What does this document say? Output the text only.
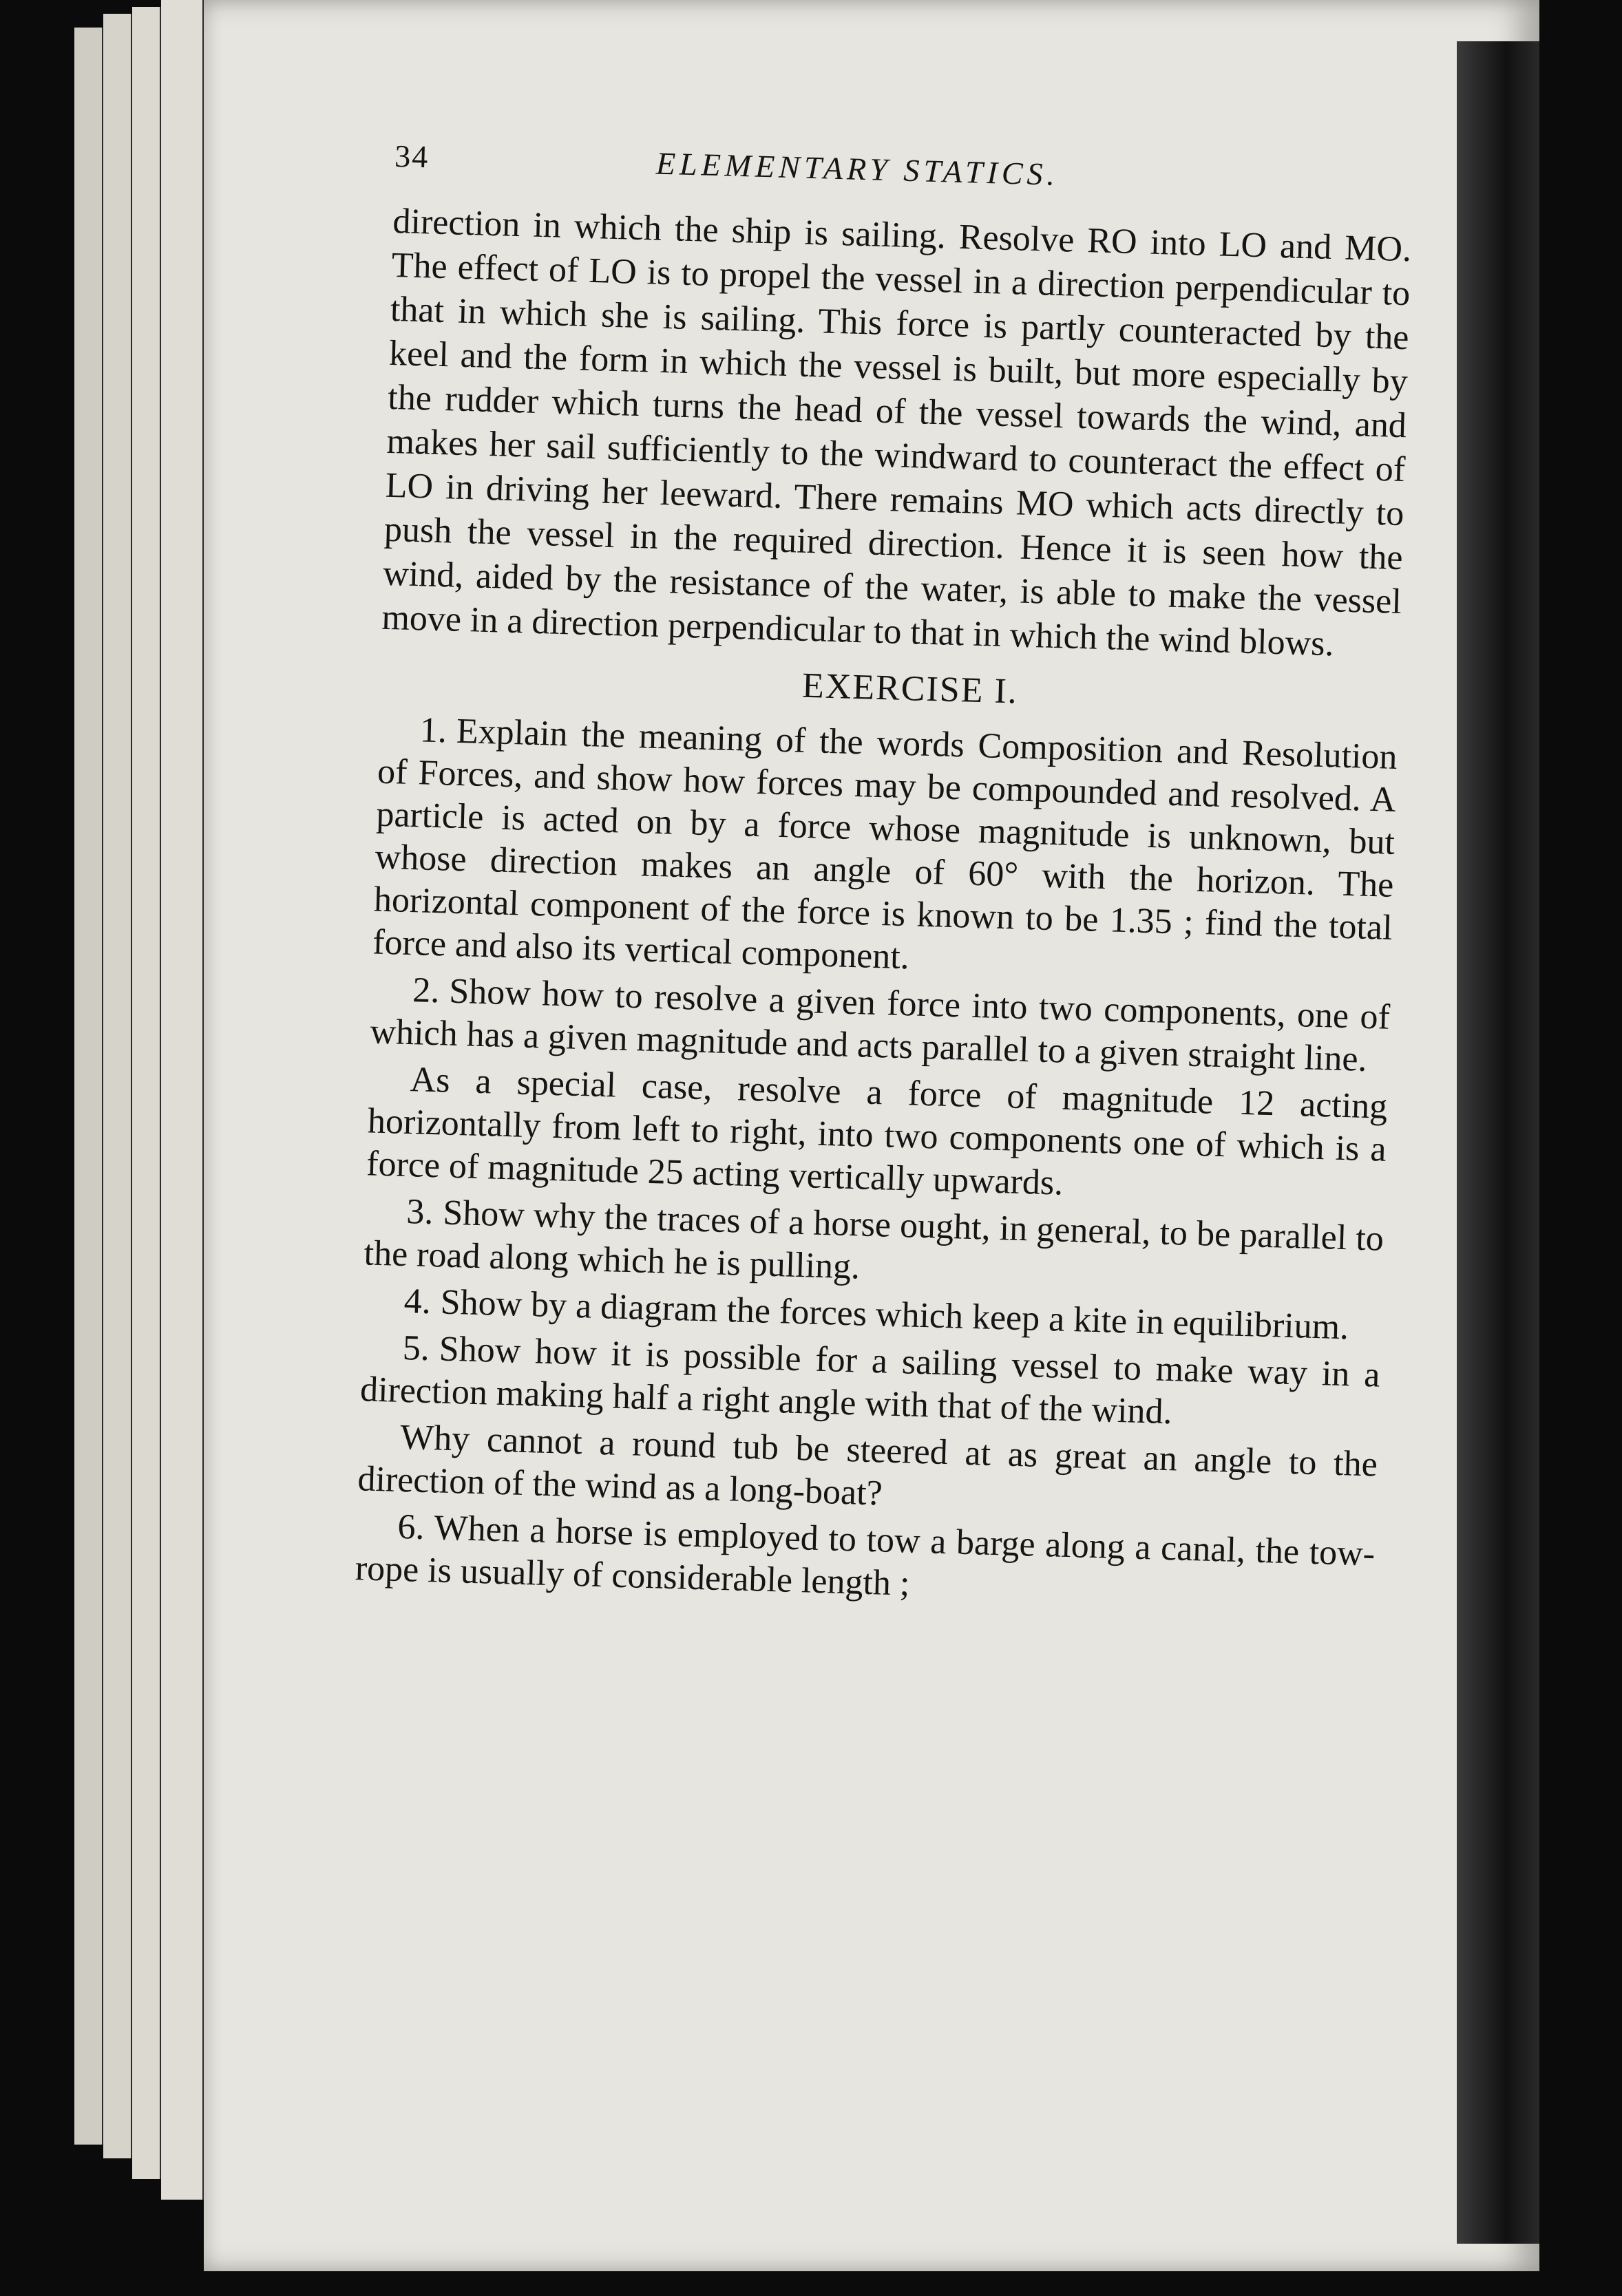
34	ELEMENTARY STATICS.

direction in which the ship is sailing. Resolve RO into LO and MO. The effect of LO is to propel the vessel in a direction perpendicular to that in which she is sailing. This force is partly counteracted by the keel and the form in which the vessel is built, but more especially by the rudder which turns the head of the vessel towards the wind, and makes her sail sufficiently to the windward to counteract the effect of LO in driving her leeward. There remains MO which acts directly to push the vessel in the required direction. Hence it is seen how the wind, aided by the resistance of the water, is able to make the vessel move in a direction perpendicular to that in which the wind blows.

EXERCISE I.

1. Explain the meaning of the words Composition and Resolution of Forces, and show how forces may be compounded and resolved. A particle is acted on by a force whose magnitude is unknown, but whose direction makes an angle of 60° with the horizon. The horizontal component of the force is known to be 1.35 ; find the total force and also its vertical component.

2. Show how to resolve a given force into two components, one of which has a given magnitude and acts parallel to a given straight line.

As a special case, resolve a force of magnitude 12 acting horizontally from left to right, into two components one of which is a force of magnitude 25 acting vertically upwards.

3. Show why the traces of a horse ought, in general, to be parallel to the road along which he is pulling.

4. Show by a diagram the forces which keep a kite in equilibrium.

5. Show how it is possible for a sailing vessel to make way in a direction making half a right angle with that of the wind.

Why cannot a round tub be steered at as great an angle to the direction of the wind as a long-boat?

6. When a horse is employed to tow a barge along a canal, the tow-rope is usually of considerable length ;
